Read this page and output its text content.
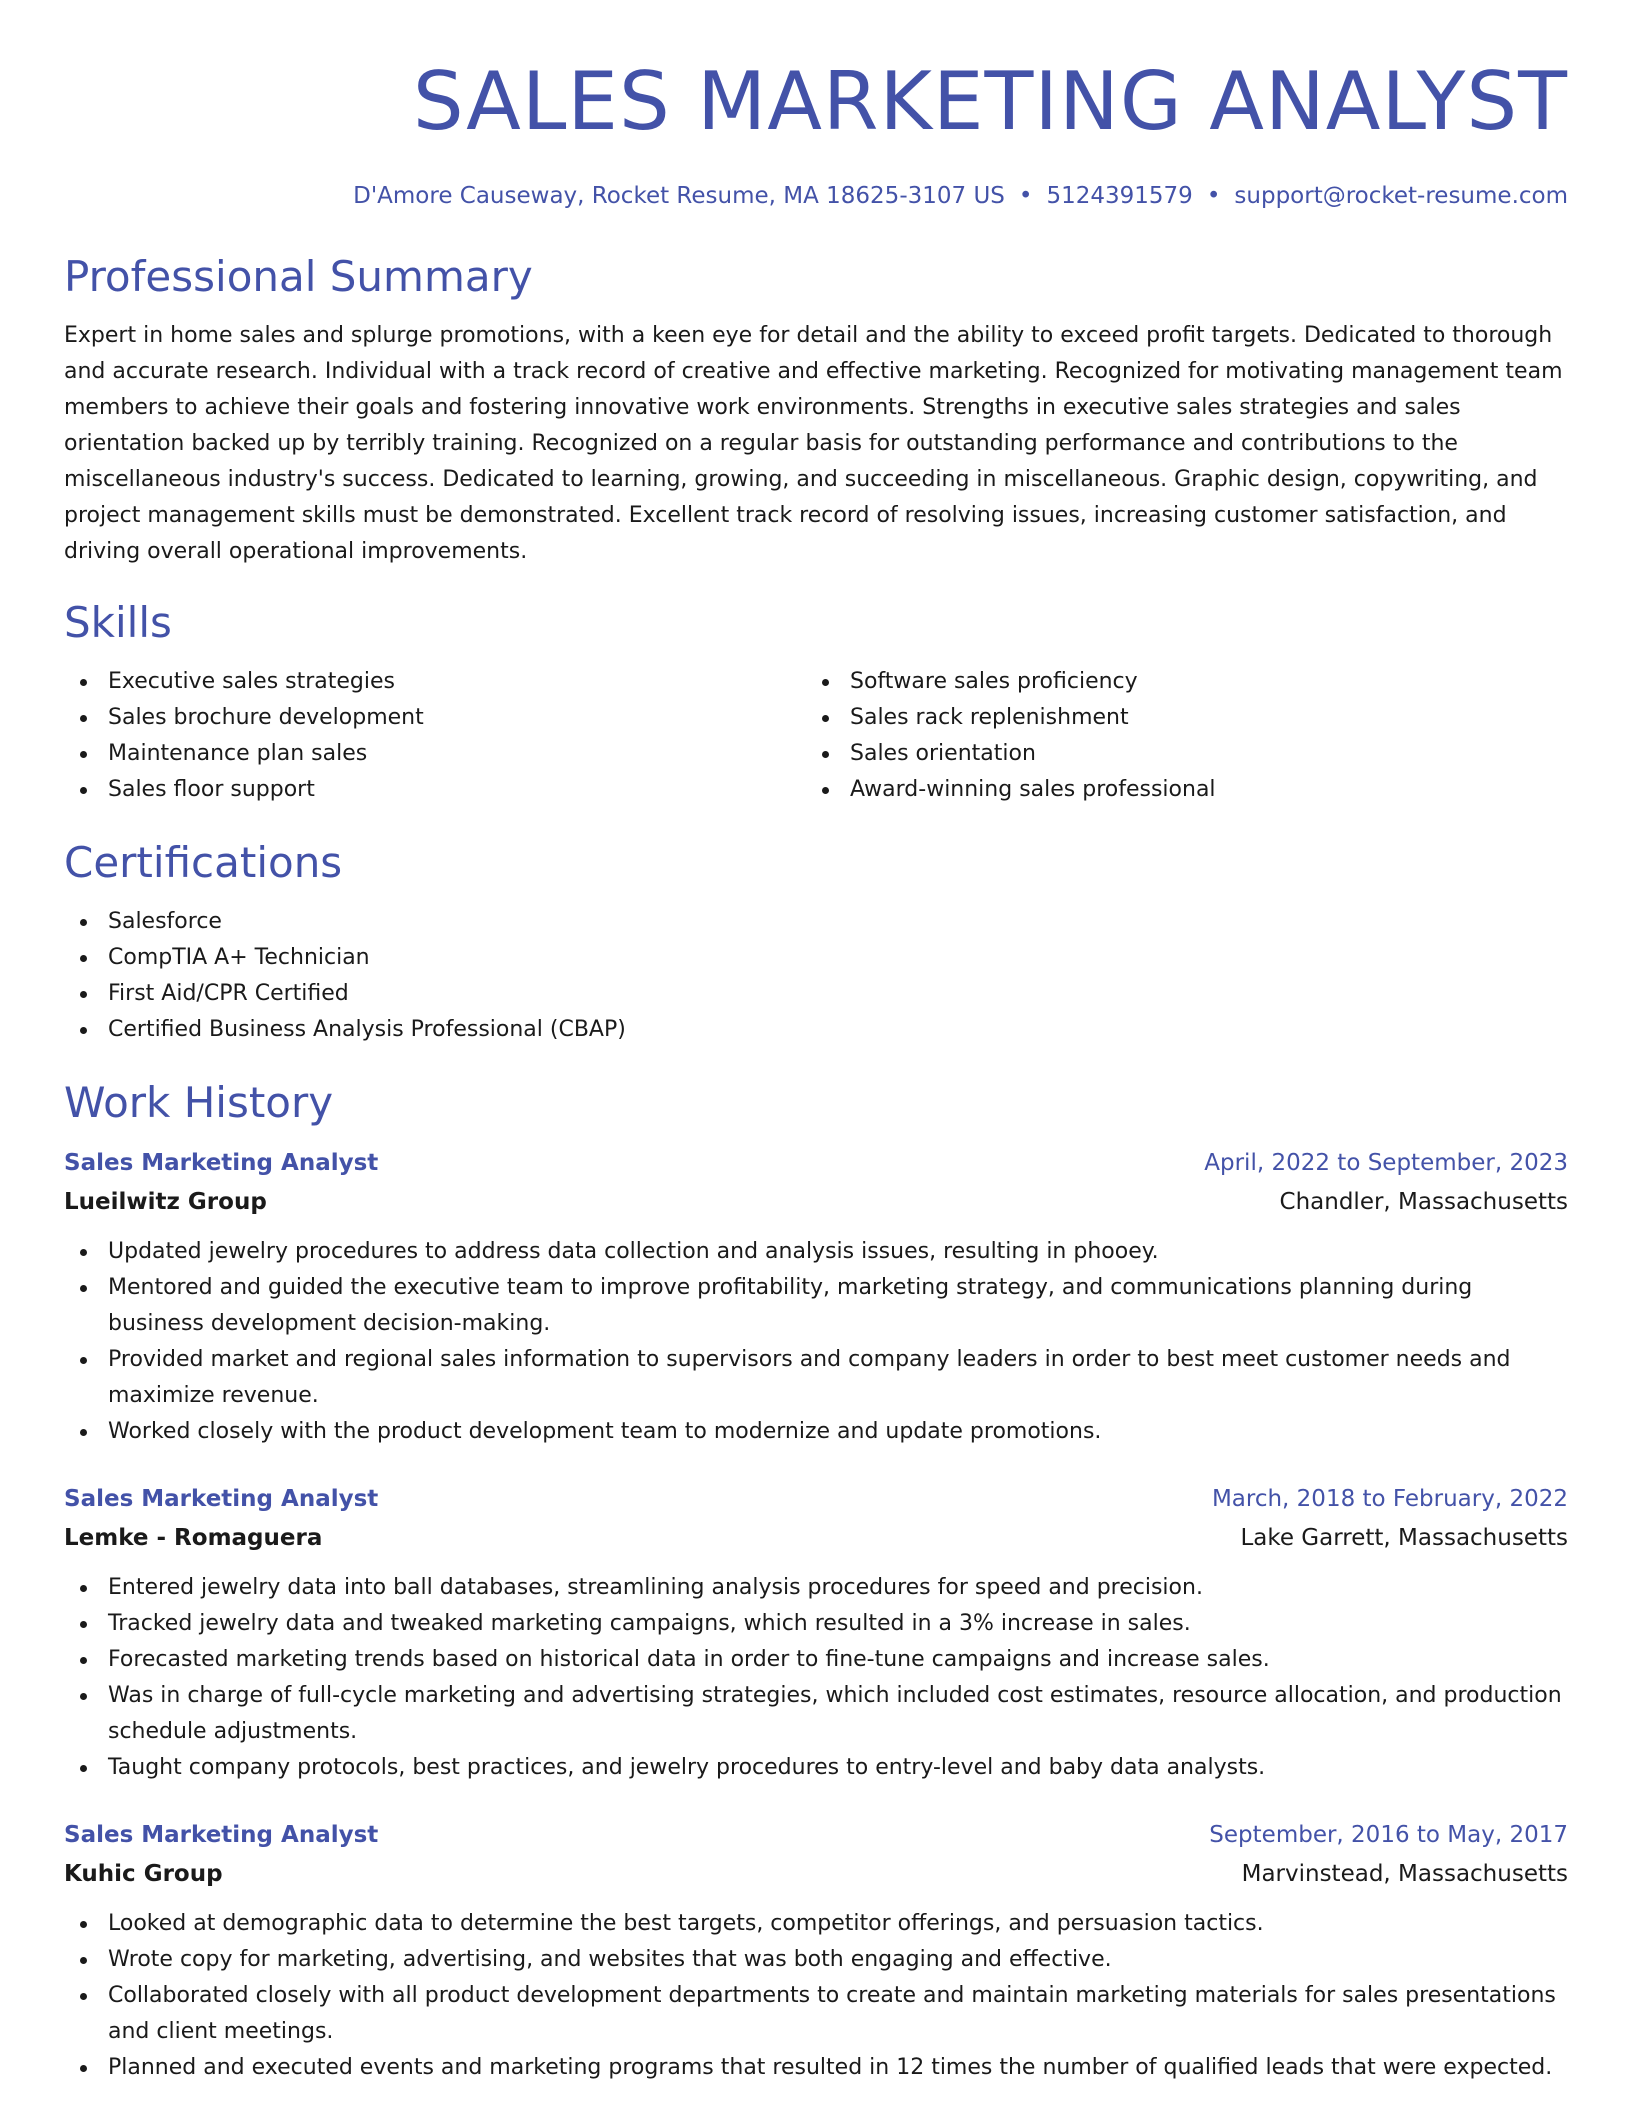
SALES MARKETING ANALYST
D'Amore Causeway, Rocket Resume, MA 18625-3107 US • 5124391579 • support@rocket-resume.com
Professional Summary

Expert in home sales and splurge promotions, with a keen eye for detail and the ability to exceed profit targets. Dedicated to thorough and accurate research. Individual with a track record of creative and effective marketing. Recognized for motivating management team members to achieve their goals and fostering innovative work environments. Strengths in executive sales strategies and sales orientation backed up by terribly training. Recognized on a regular basis for outstanding performance and contributions to the miscellaneous industry's success. Dedicated to learning, growing, and succeeding in miscellaneous. Graphic design, copywriting, and project management skills must be demonstrated. Excellent track record of resolving issues, increasing customer satisfaction, and driving overall operational improvements.

Skills
Executive sales strategies
Sales brochure development
Maintenance plan sales
Sales floor support
Software sales proficiency
Sales rack replenishment
Sales orientation
Award-winning sales professional
Certifications
Salesforce
CompTIA A+ Technician
First Aid/CPR Certified
Certified Business Analysis Professional (CBAP)
Work History
Sales Marketing Analyst	April, 2022 to September, 2023
Lueilwitz Group	Chandler, Massachusetts
Updated jewelry procedures to address data collection and analysis issues, resulting in phooey.
Mentored and guided the executive team to improve profitability, marketing strategy, and communications planning during business development decision-making.
Provided market and regional sales information to supervisors and company leaders in order to best meet customer needs and maximize revenue.
Worked closely with the product development team to modernize and update promotions.
Sales Marketing Analyst	March, 2018 to February, 2022
Lemke - Romaguera	Lake Garrett, Massachusetts
Entered jewelry data into ball databases, streamlining analysis procedures for speed and precision.
Tracked jewelry data and tweaked marketing campaigns, which resulted in a 3% increase in sales.
Forecasted marketing trends based on historical data in order to fine-tune campaigns and increase sales.
Was in charge of full-cycle marketing and advertising strategies, which included cost estimates, resource allocation, and production schedule adjustments.
Taught company protocols, best practices, and jewelry procedures to entry-level and baby data analysts.
Sales Marketing Analyst	September, 2016 to May, 2017
Kuhic Group	Marvinstead, Massachusetts
Looked at demographic data to determine the best targets, competitor offerings, and persuasion tactics.
Wrote copy for marketing, advertising, and websites that was both engaging and effective.
Collaborated closely with all product development departments to create and maintain marketing materials for sales presentations and client meetings.
Planned and executed events and marketing programs that resulted in 12 times the number of qualified leads that were expected.
